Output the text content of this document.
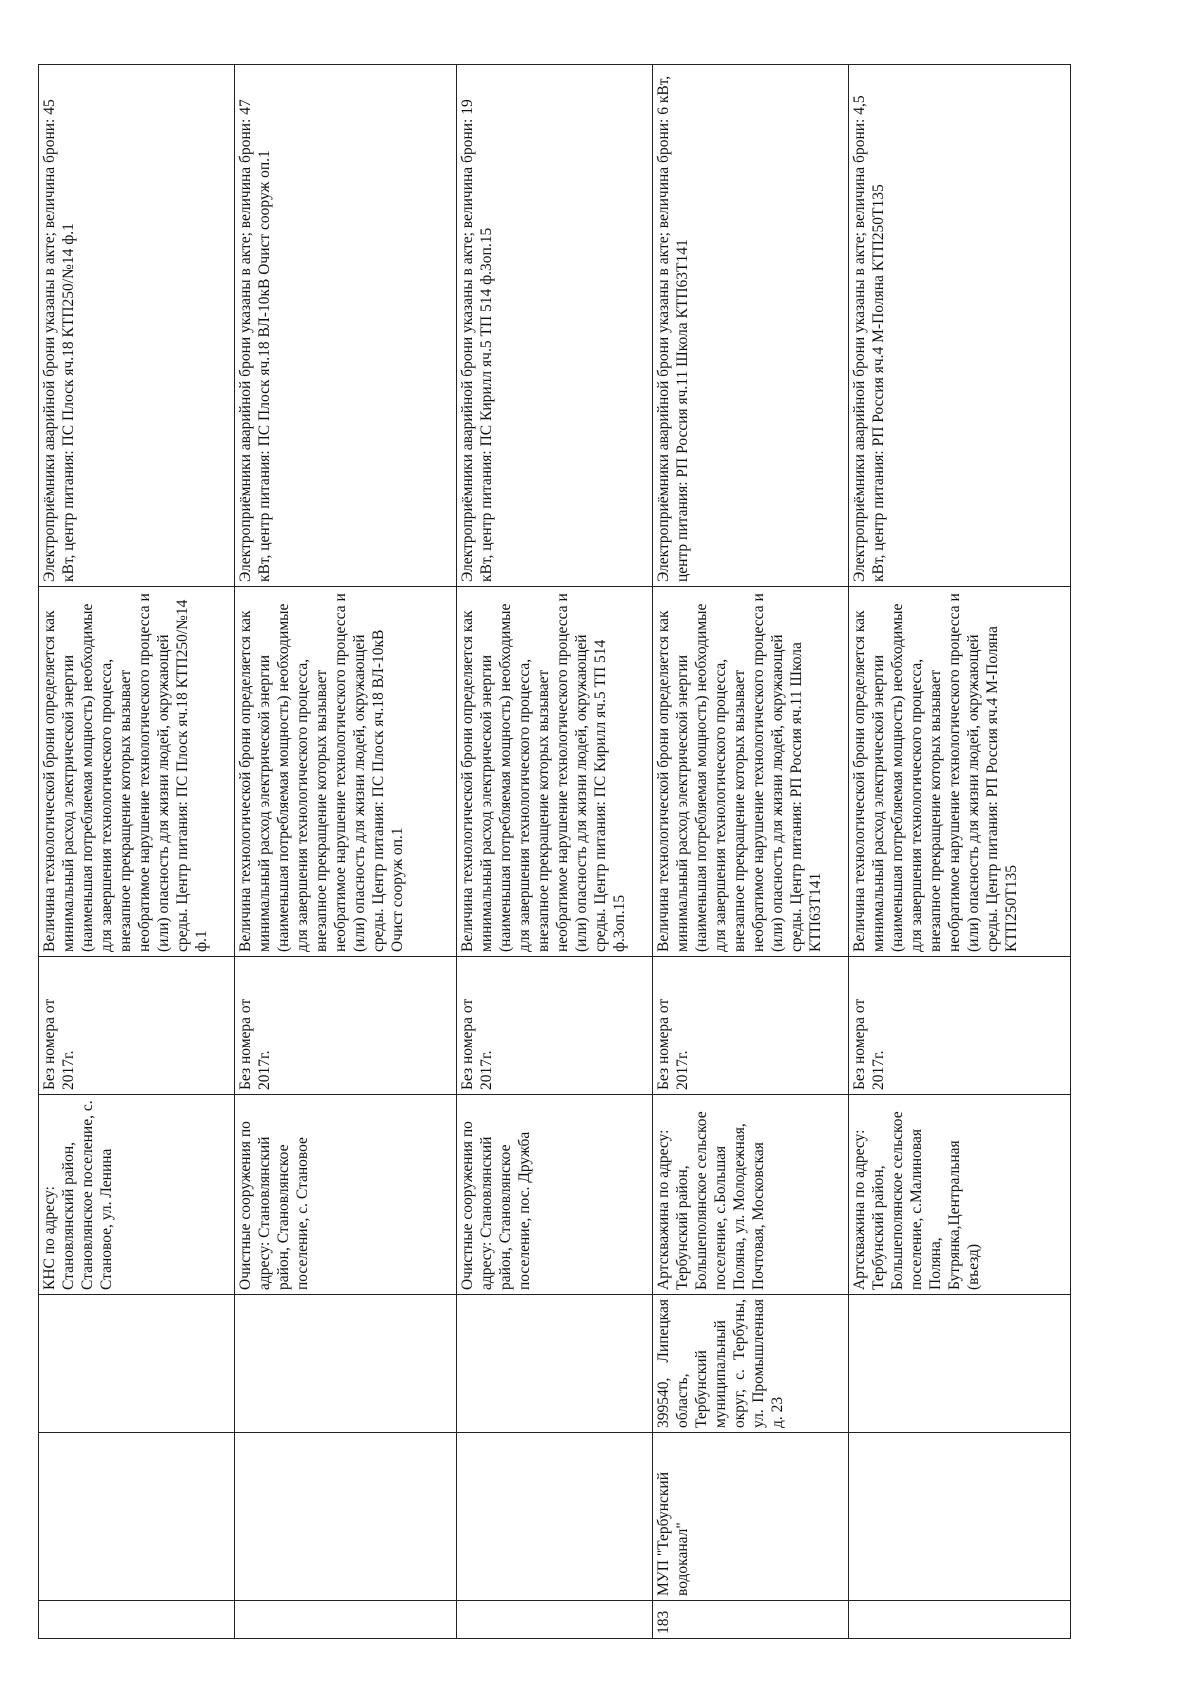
			КНС по адресу: Становлянский район, Становлянское поселение, с. Становое, ул. Ленина	Без номера от 2017г.	Величина технологической брони определяется как минимальный расход электрической энергии (наименьшая потребляемая мощность) необходимые для завершения технологического процесса, внезапное прекращение которых вызывает необратимое нарушение технологического процесса и (или) опасность для жизни людей, окружающей среды. Центр питания: ПС Плоск яч.18 КТП250/№14 ф.1	Электроприёмники аварийной брони указаны в акте; величина брони: 45 кВт, центр питания: ПС Плоск яч.18 КТП250/№14 ф.1
			Очистные сооружения по адресу: Становлянский район, Становлянское поселение, с. Становое	Без номера от 2017г.	Величина технологической брони определяется как минимальный расход электрической энергии (наименьшая потребляемая мощность) необходимые для завершения технологического процесса, внезапное прекращение которых вызывает необратимое нарушение технологического процесса и (или) опасность для жизни людей, окружающей среды. Центр питания: ПС Плоск яч.18 ВЛ-10кВ Очист сооруж оп.1	Электроприёмники аварийной брони указаны в акте; величина брони: 47 кВт, центр питания: ПС Плоск яч.18 ВЛ-10кВ Очист сооруж оп.1
			Очистные сооружения по адресу: Становлянский район, Становлянское поселение, пос. Дружба	Без номера от 2017г.	Величина технологической брони определяется как минимальный расход электрической энергии (наименьшая потребляемая мощность) необходимые для завершения технологического процесса, внезапное прекращение которых вызывает необратимое нарушение технологического процесса и (или) опасность для жизни людей, окружающей среды. Центр питания: ПС Кирилл яч.5 ТП 514 ф.3оп.15	Электроприёмники аварийной брони указаны в акте; величина брони: 19 кВт, центр питания: ПС Кирилл яч.5 ТП 514 ф.3оп.15
183	МУП "Тербунский водоканал"	399540, Липецкая область, Тербунский муниципальный округ, с. Тербуны, ул. Промышленная д. 23	Артскважина по адресу: Тербунский район, Большеполянское сельское поселение, с.Большая Поляна, ул. Молодежная, Почтовая, Московская	Без номера от 2017г.	Величина технологической брони определяется как минимальный расход электрической энергии (наименьшая потребляемая мощность) необходимые для завершения технологического процесса, внезапное прекращение которых вызывает необратимое нарушение технологического процесса и (или) опасность для жизни людей, окружающей среды. Центр питания: РП Россия яч.11 Школа КТП63Т141	Электроприёмники аварийной брони указаны в акте; величина брони: 6 кВт, центр питания: РП Россия яч.11 Школа КТП63Т141
			Артскважина по адресу: Тербунский район, Большеполянское сельское поселение, с.Малиновая Поляна, Бутрянка,Центральная (въезд)	Без номера от 2017г.	Величина технологической брони определяется как минимальный расход электрической энергии (наименьшая потребляемая мощность) необходимые для завершения технологического процесса, внезапное прекращение которых вызывает необратимое нарушение технологического процесса и (или) опасность для жизни людей, окружающей среды. Центр питания: РП Россия яч.4 М-Поляна КТП250Т135	Электроприёмники аварийной брони указаны в акте; величина брони: 4,5 кВт, центр питания: РП Россия яч.4 М-Поляна КТП250Т135
